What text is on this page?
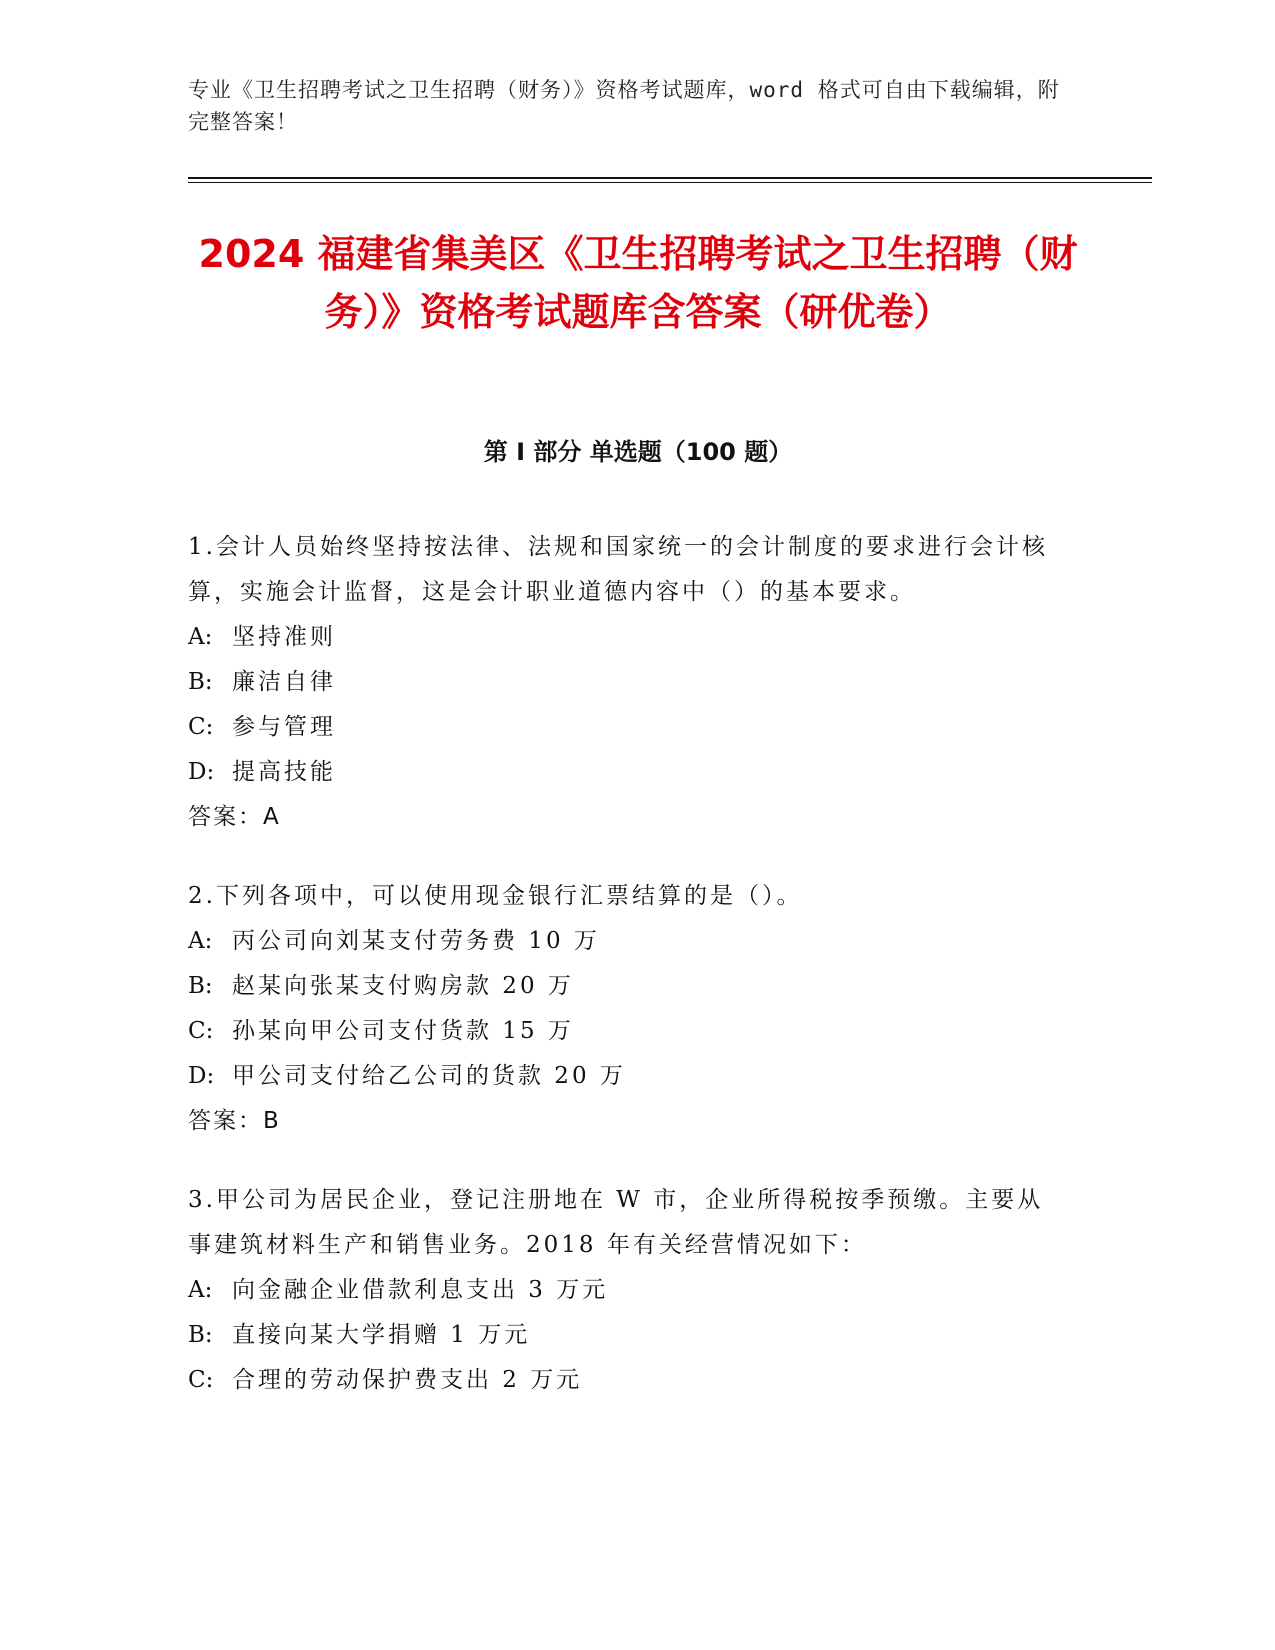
专业《卫生招聘考试之卫生招聘（财务）》资格考试题库，word 格式可自由下载编辑，附完整答案！
2024 福建省集美区《卫生招聘考试之卫生招聘（财务）》资格考试题库含答案（研优卷）
第 I 部分 单选题（100 题）
1.会计人员始终坚持按法律、法规和国家统一的会计制度的要求进行会计核算，实施会计监督，这是会计职业道德内容中（）的基本要求。
A: 坚持准则
B: 廉洁自律
C: 参与管理
D: 提高技能
答案：A
2.下列各项中，可以使用现金银行汇票结算的是（）。
A: 丙公司向刘某支付劳务费 10 万
B: 赵某向张某支付购房款 20 万
C: 孙某向甲公司支付货款 15 万
D: 甲公司支付给乙公司的货款 20 万
答案：B
3.甲公司为居民企业，登记注册地在 W 市，企业所得税按季预缴。主要从事建筑材料生产和销售业务。2018 年有关经营情况如下：
A: 向金融企业借款利息支出 3 万元
B: 直接向某大学捐赠 1 万元
C: 合理的劳动保护费支出 2 万元
